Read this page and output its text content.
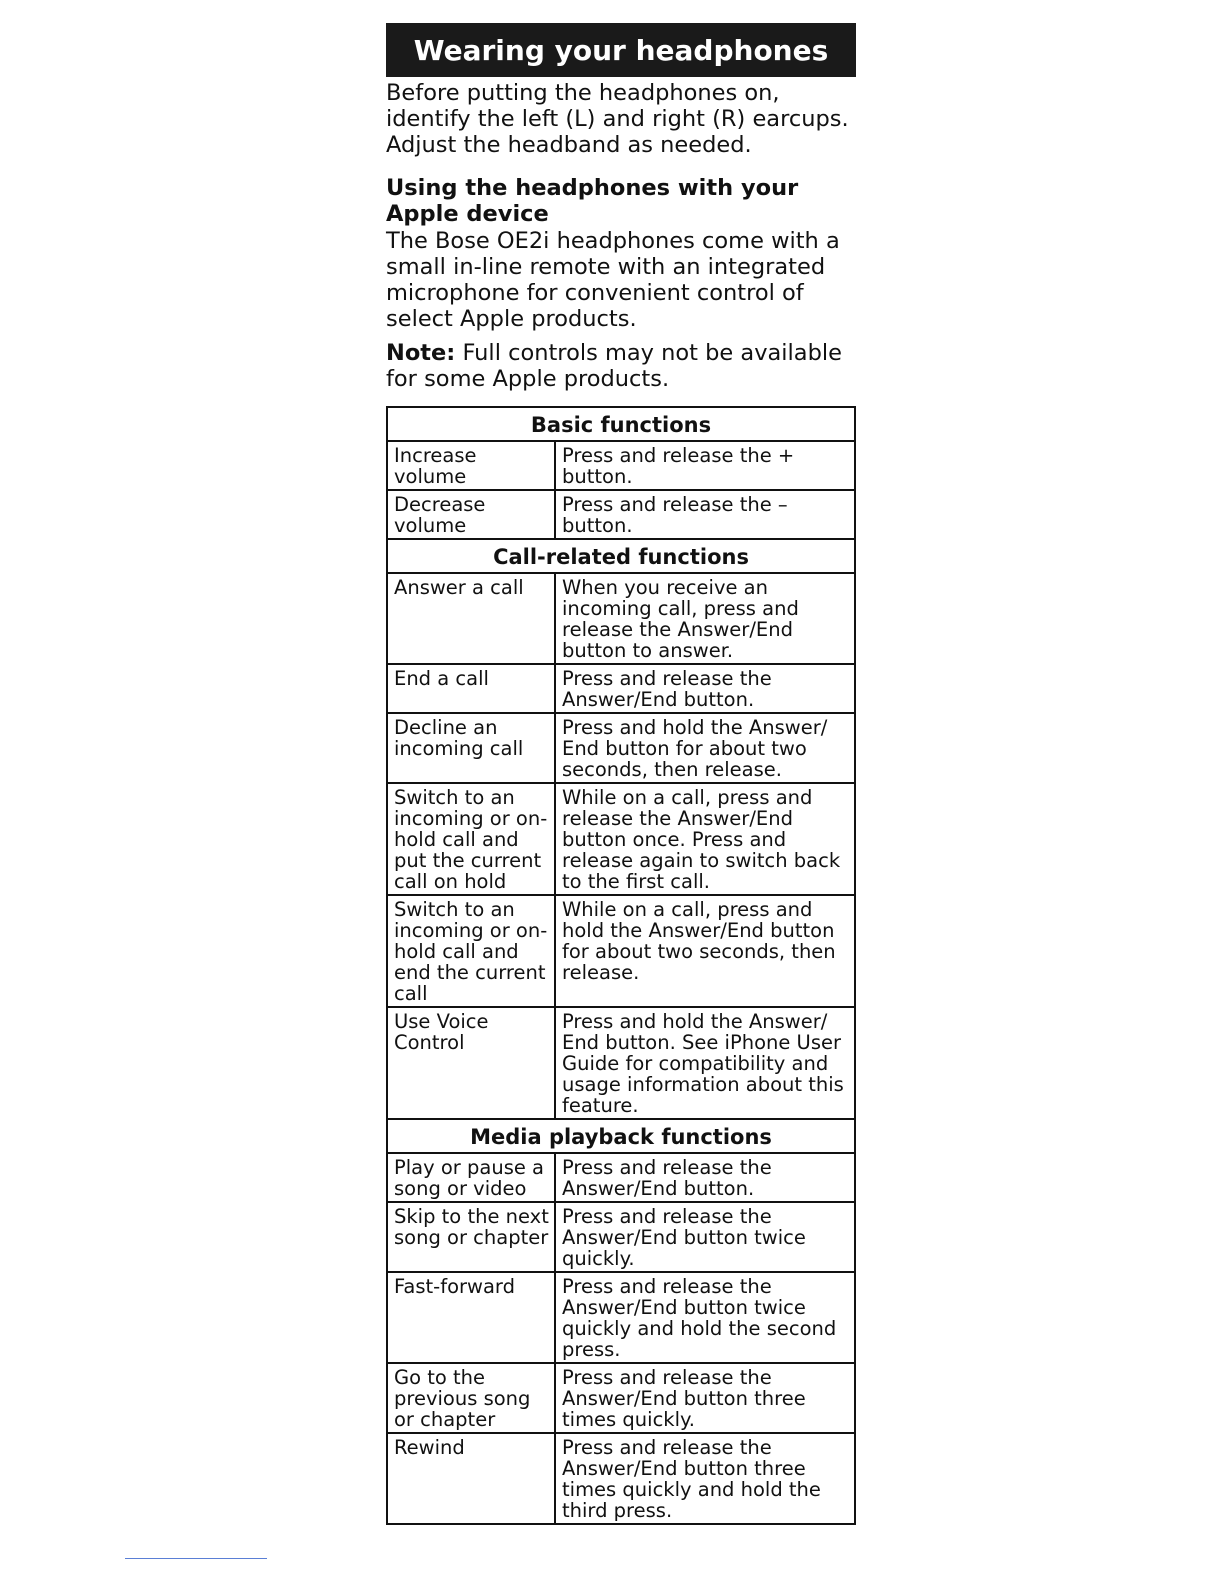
Wearing your headphones

Before putting the headphones on, identify the left (L) and right (R) earcups. Adjust the headband as needed.

Using the headphones with your Apple device

The Bose OE2i headphones come with a small in-line remote with an integrated microphone for convenient control of select Apple products.

Note: Full controls may not be available for some Apple products.

Basic functions	
Increase volume	Press and release the + button.
Decrease volume	Press and release the – button.
Call-related functions	
Answer a call	When you receive an incoming call, press and release the Answer/End button to answer.
End a call	Press and release the Answer/End button.
Decline an incoming call	Press and hold the Answer/ End button for about two seconds, then release.
Switch to an incoming or on-hold call and put the current call on hold	While on a call, press and release the Answer/End button once. Press and release again to switch back to the first call.
Switch to an incoming or on-hold call and end the current call	While on a call, press and hold the Answer/End button for about two seconds, then release.
Use Voice Control	Press and hold the Answer/ End button. See iPhone User Guide for compatibility and usage information about this feature.
Media playback functions	
Play or pause a song or video	Press and release the Answer/End button.
Skip to the next song or chapter	Press and release the Answer/End button twice quickly.
Fast-forward	Press and release the Answer/End button twice quickly and hold the second press.
Go to the previous song or chapter	Press and release the Answer/End button three times quickly.
Rewind	Press and release the Answer/End button three times quickly and hold the third press.
